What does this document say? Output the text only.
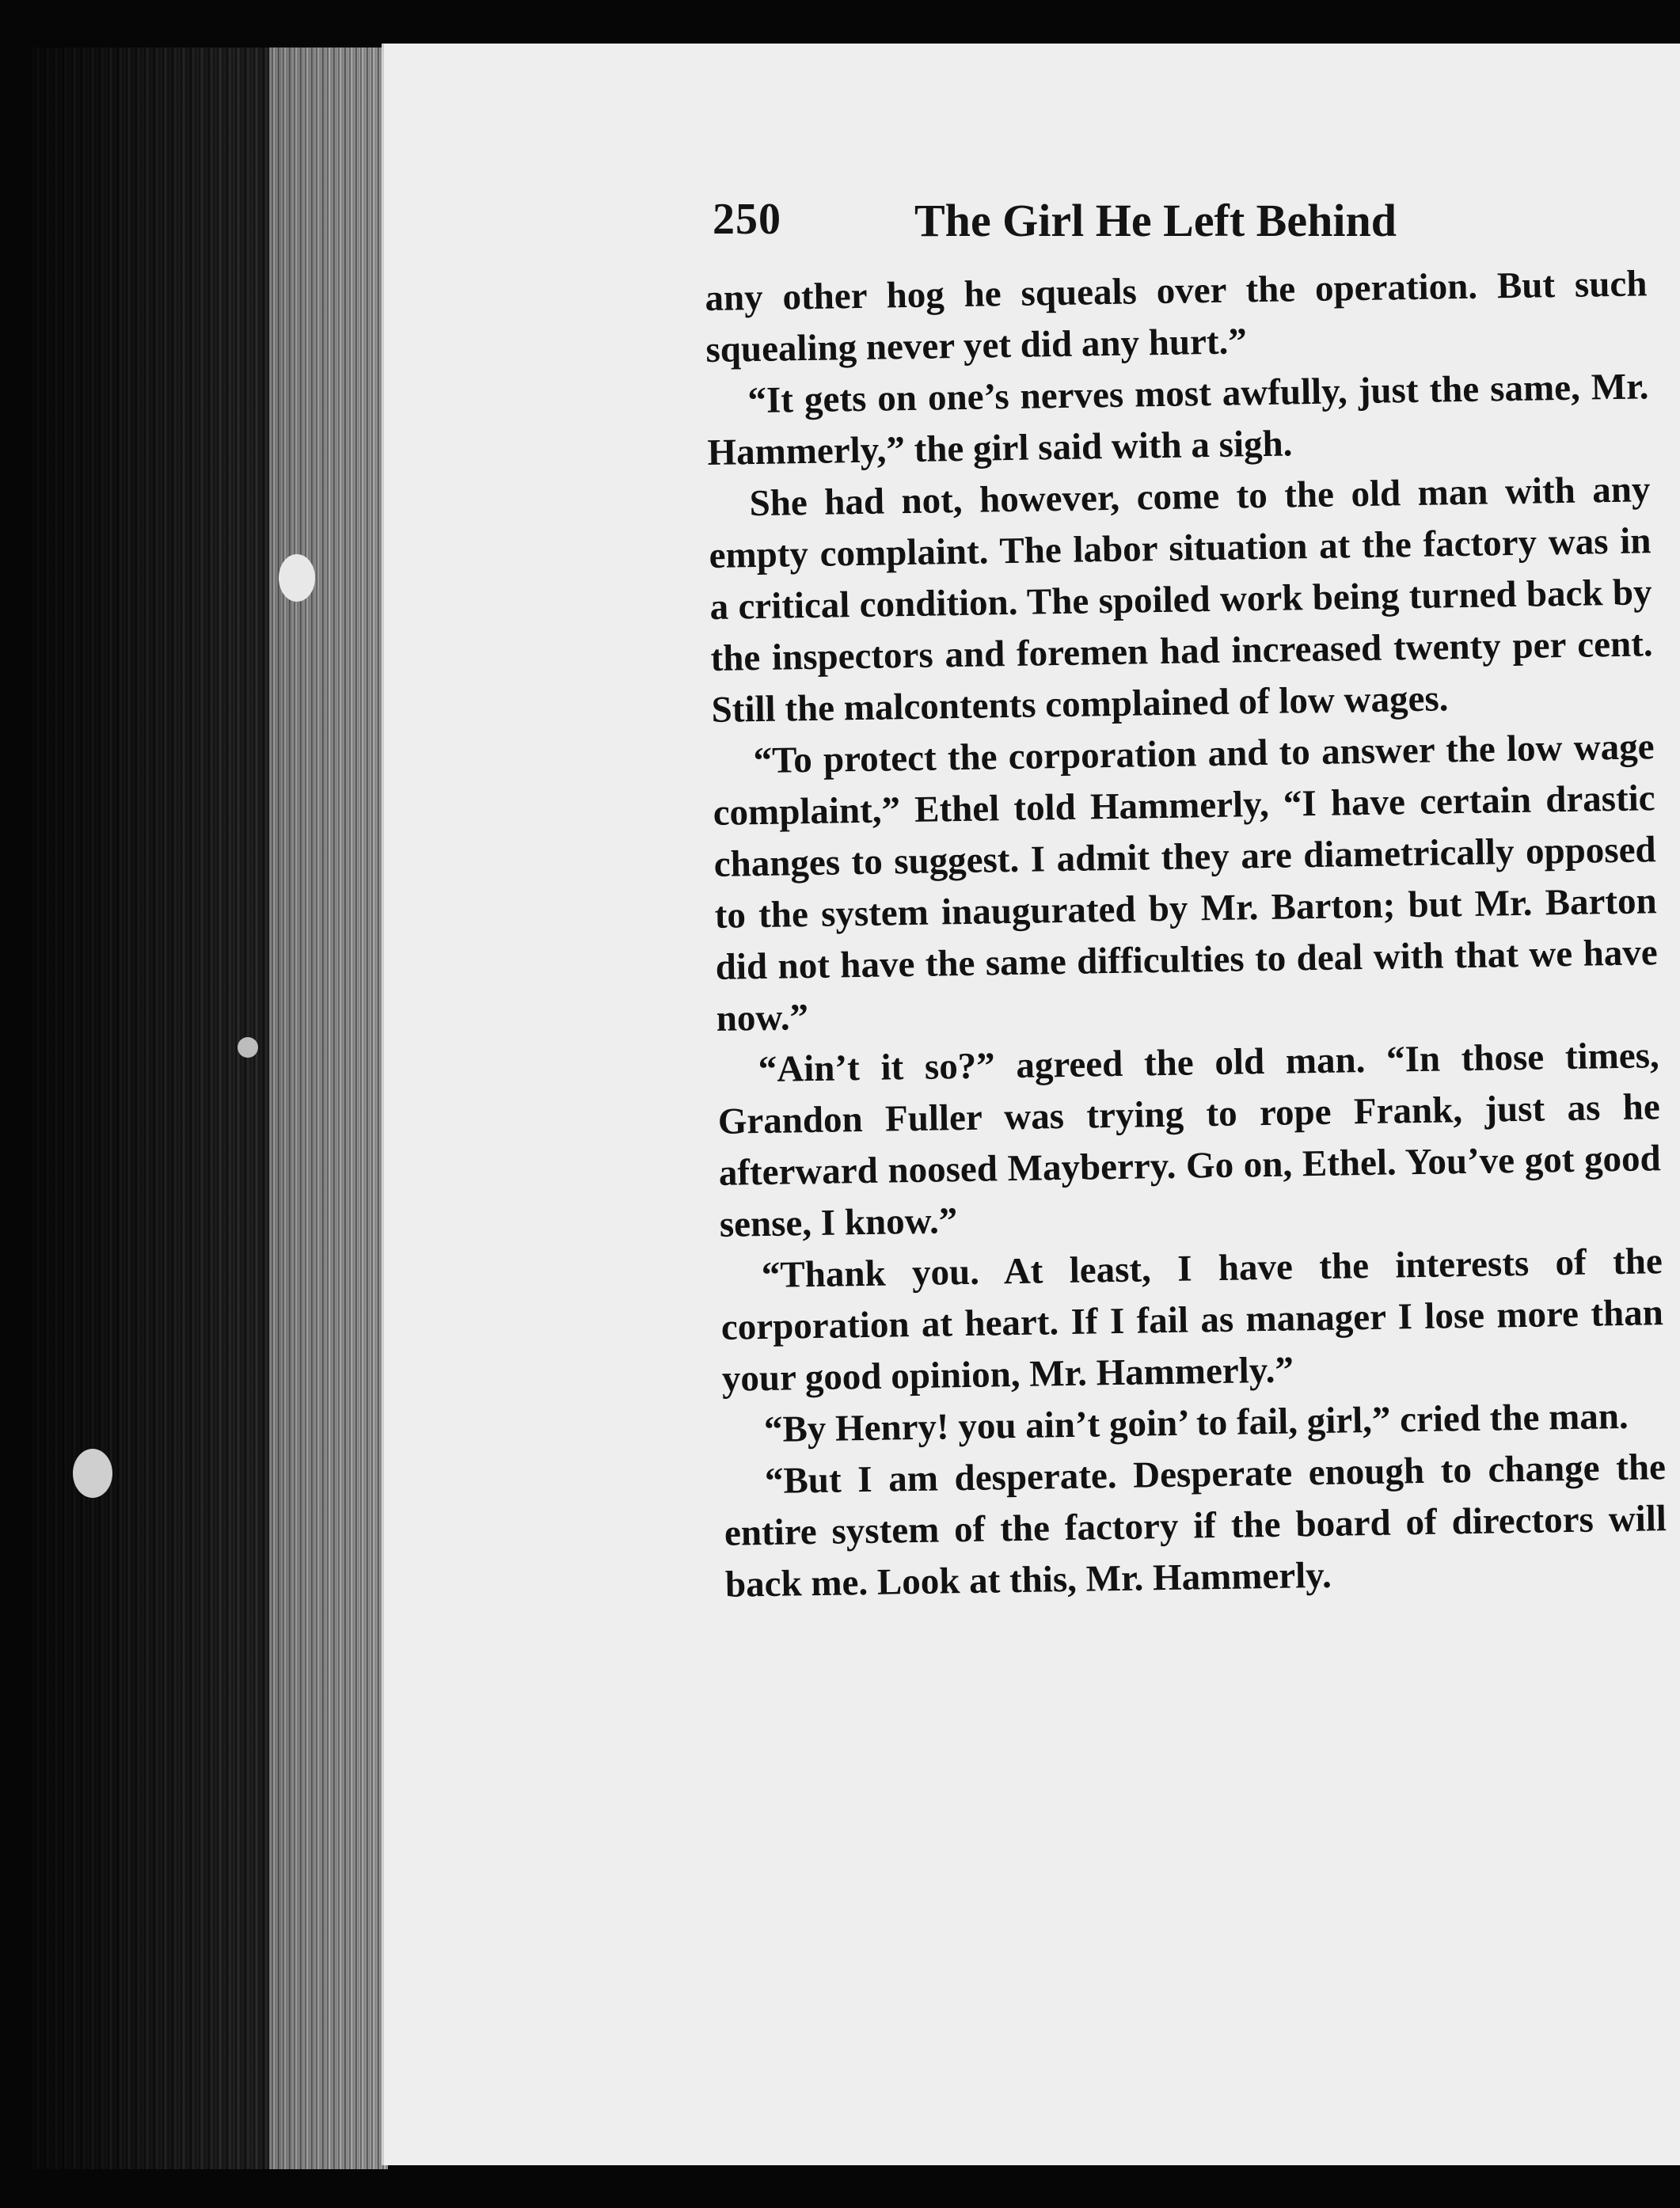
250	The Girl He Left Behind

any other hog he squeals over the operation. But such squealing never yet did any hurt.”

“It gets on one’s nerves most awfully, just the same, Mr. Hammerly,” the girl said with a sigh.

She had not, however, come to the old man with any empty complaint. The labor situation at the factory was in a critical condition. The spoiled work being turned back by the inspectors and foremen had increased twenty per cent. Still the malcontents complained of low wages.

“To protect the corporation and to answer the low wage complaint,” Ethel told Hammerly, “I have certain drastic changes to suggest. I admit they are diametrically opposed to the system inaugurated by Mr. Barton; but Mr. Barton did not have the same difficulties to deal with that we have now.”

“Ain’t it so?” agreed the old man. “In those times, Grandon Fuller was trying to rope Frank, just as he afterward noosed Mayberry. Go on, Ethel. You’ve got good sense, I know.”

“Thank you. At least, I have the interests of the corporation at heart. If I fail as manager I lose more than your good opinion, Mr. Hammerly.”

“By Henry! you ain’t goin’ to fail, girl,” cried the man.

“But I am desperate. Desperate enough to change the entire system of the factory if the board of directors will back me. Look at this, Mr. Hammerly.
